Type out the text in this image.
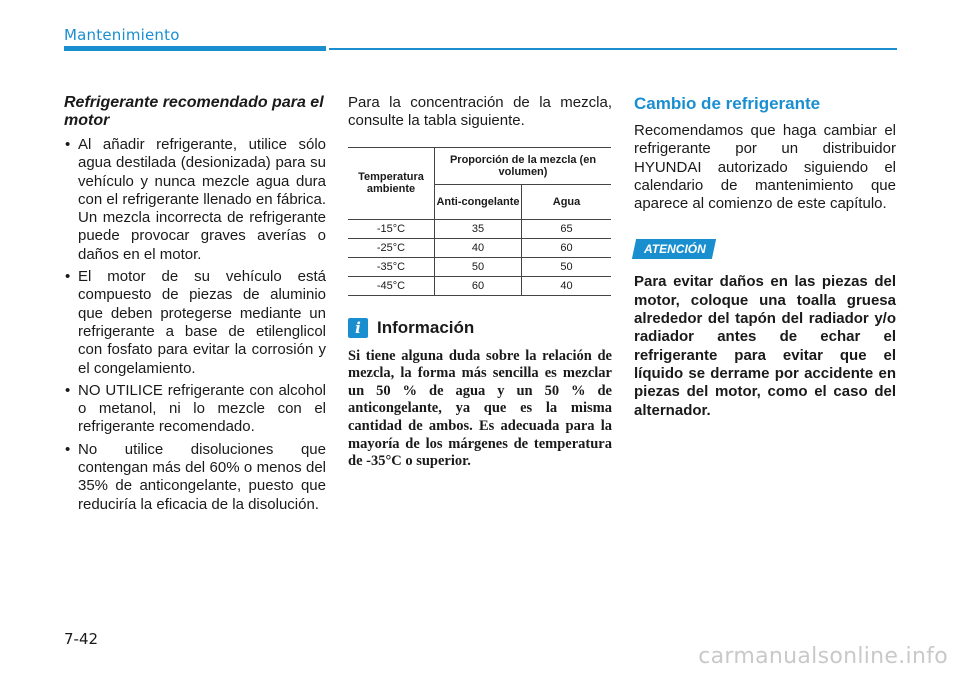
Mantenimiento
Refrigerante recomendado para el motor
• Al añadir refrigerante, utilice sólo agua destilada (desionizada) para su vehículo y nunca mezcle agua dura con el refrigerante llenado en fábrica. Un mezcla incorrecta de refrigerante puede provocar graves averías o daños en el motor.
• El motor de su vehículo está compuesto de piezas de aluminio que deben protegerse mediante un refrigerante a base de etilenglicol con fosfato para evitar la corrosión y el congelamiento.
• NO UTILICE refrigerante con alcohol o metanol, ni lo mezcle con el refrigerante recomendado.
• No utilice disoluciones que contengan más del 60% o menos del 35% de anticongelante, puesto que reduciría la eficacia de la disolución.

Para la concentración de la mezcla, consulte la tabla siguiente.

Temperatura ambiente	Proporción de la mezcla (en volumen)	
	Anti-congelante	Agua
-15°C	35	65
-25°C	40	60
-35°C	50	50
-45°C	60	40
i Información
Si tiene alguna duda sobre la relación de mezcla, la forma más sencilla es mezclar un 50 % de agua y un 50 % de anticongelante, ya que es la misma cantidad de ambos. Es adecuada para la mayoría de los márgenes de temperatura de -35°C o superior.
Cambio de refrigerante

Recomendamos que haga cambiar el refrigerante por un distribuidor HYUNDAI autorizado siguiendo el calendario de mantenimiento que aparece al comienzo de este capítulo.

ATENCIÓN
Para evitar daños en las piezas del motor, coloque una toalla gruesa alrededor del tapón del radiador y/o radiador antes de echar el refrigerante para evitar que el líquido se derrame por accidente en piezas del motor, como el caso del alternador.
7-42
carmanualsonline.info
